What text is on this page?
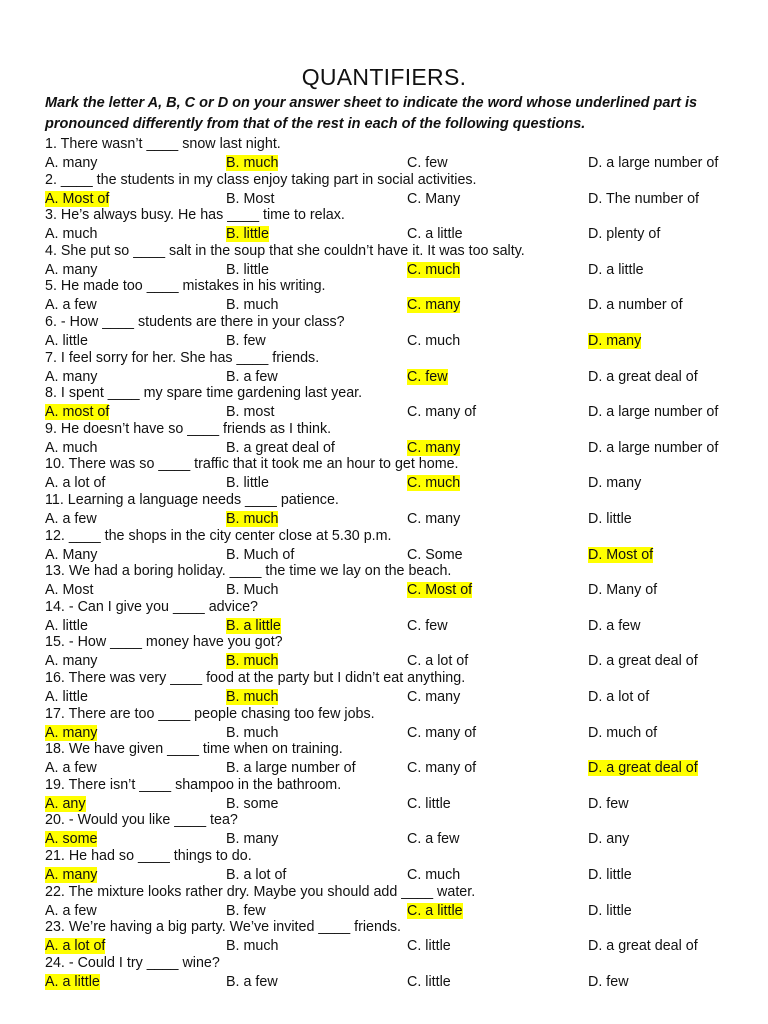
QUANTIFIERS.
Mark the letter A, B, C or D on your answer sheet to indicate the word whose underlined part is pronounced differently from that of the rest in each of the following questions.
1. There wasn’t ____ snow last night.
A. many	B. much	C. few	D. a large number of
2. ____ the students in my class enjoy taking part in social activities.
A. Most of	B. Most	C. Many	D. The number of
3. He’s always busy. He has ____ time to relax.
A. much	B. little	C. a little	D. plenty of
4. She put so ____ salt in the soup that she couldn’t have it. It was too salty.
A. many	B. little	C. much	D. a little
5. He made too ____ mistakes in his writing.
A. a few	B. much	C. many	D. a number of
6. - How ____ students are there in your class?
A. little	B. few	C. much	D. many
7. I feel sorry for her. She has ____ friends.
A. many	B. a few	C. few	D. a great deal of
8. I spent ____ my spare time gardening last year.
A. most of	B. most	C. many of	D. a large number of
9. He doesn’t have so ____ friends as I think.
A. much	B. a great deal of	C. many	D. a large number of
10. There was so ____ traffic that it took me an hour to get home.
A. a lot of	B. little	C. much	D. many
11. Learning a language needs ____ patience.
A. a few	B. much	C. many	D. little
12. ____ the shops in the city center close at 5.30 p.m.
A. Many	B. Much of	C. Some	D. Most of
13. We had a boring holiday. ____ the time we lay on the beach.
A. Most	B. Much	C. Most of	D. Many of
14. - Can I give you ____ advice?
A. little	B. a little	C. few	D. a few
15. - How ____ money have you got?
A. many	B. much	C. a lot of	D. a great deal of
16. There was very ____ food at the party but I didn’t eat anything.
A. little	B. much	C. many	D. a lot of
17. There are too ____ people chasing too few jobs.
A. many	B. much	C. many of	D. much of
18. We have given ____ time when on training.
A. a few	B. a large number of	C. many of	D. a great deal of
19. There isn’t ____ shampoo in the bathroom.
A. any	B. some	C. little	D. few
20. - Would you like ____ tea?
A. some	B. many	C. a few	D. any
21. He had so ____ things to do.
A. many	B. a lot of	C. much	D. little
22. The mixture looks rather dry. Maybe you should add ____ water.
A. a few	B. few	C. a little	D. little
23. We’re having a big party. We’ve invited ____ friends.
A. a lot of	B. much	C. little	D. a great deal of
24. - Could I try ____ wine?
A. a little	B. a few	C. little	D. few
